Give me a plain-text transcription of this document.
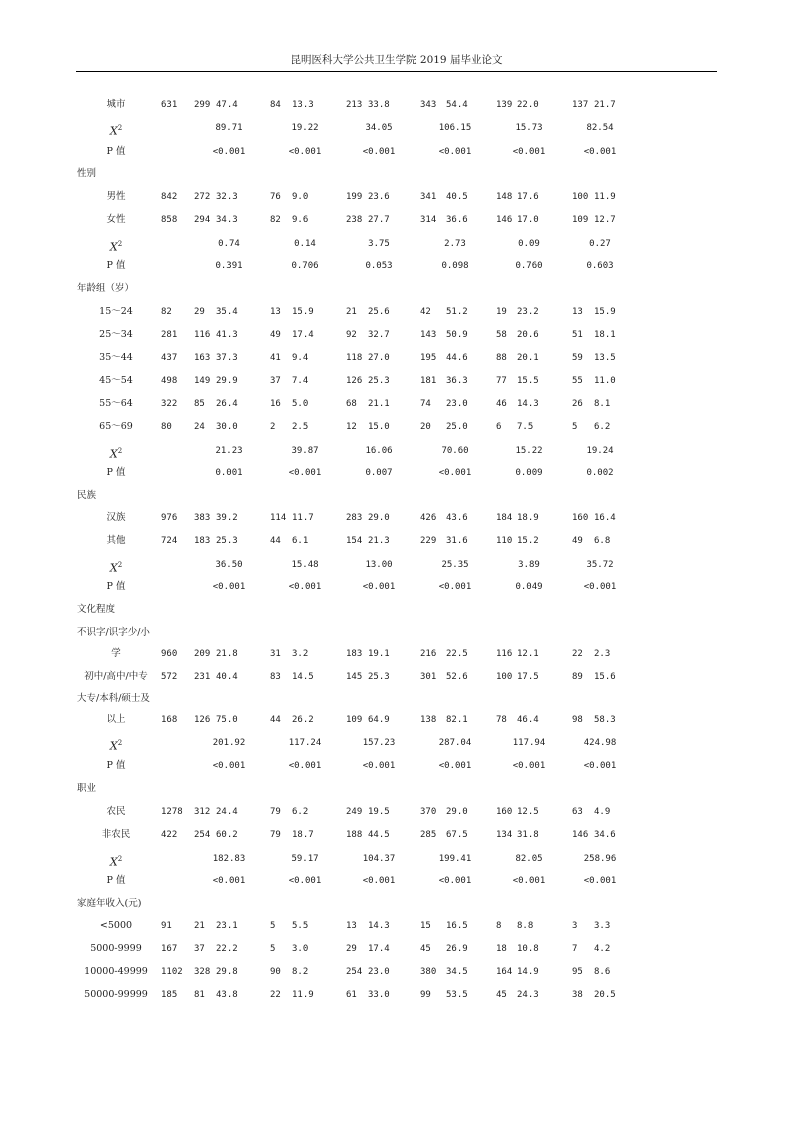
昆明医科大学公共卫生学院 2019 届毕业论文
城市	631 299 47.4	84 13.3	213 33.8	343 54.4	139 22.0	137 21.7
$X^2$	89.71	19.22	34.05	106.15	15.73	82.54
P 值	<0.001	<0.001	<0.001	<0.001	<0.001	<0.001
性别
男性	842 272 32.3	76 9.0	199 23.6	341 40.5	148 17.6	100 11.9
女性	858 294 34.3	82 9.6	238 27.7	314 36.6	146 17.0	109 12.7
$X^2$	0.74	0.14	3.75	2.73	0.09	0.27
P 值	0.391	0.706	0.053	0.098	0.760	0.603
年龄组（岁）
15～24	82 29 35.4	13 15.9	21 25.6	42 51.2	19 23.2	13 15.9
25～34	281 116 41.3	49 17.4	92 32.7	143 50.9	58 20.6	51 18.1
35～44	437 163 37.3	41 9.4	118 27.0	195 44.6	88 20.1	59 13.5
45～54	498 149 29.9	37 7.4	126 25.3	181 36.3	77 15.5	55 11.0
55～64	322 85 26.4	16 5.0	68 21.1	74 23.0	46 14.3	26 8.1
65～69	80 24 30.0	2 2.5	12 15.0	20 25.0	6 7.5	5 6.2
$X^2$	21.23	39.87	16.06	70.60	15.22	19.24
P 值	0.001	<0.001	0.007	<0.001	0.009	0.002
民族
汉族	976 383 39.2	114 11.7	283 29.0	426 43.6	184 18.9	160 16.4
其他	724 183 25.3	44 6.1	154 21.3	229 31.6	110 15.2	49 6.8
$X^2$	36.50	15.48	13.00	25.35	3.89	35.72
P 值	<0.001	<0.001	<0.001	<0.001	0.049	<0.001
文化程度
不识字/识字少/小
学	960 209 21.8	31 3.2	183 19.1	216 22.5	116 12.1	22 2.3
初中/高中/中专	572 231 40.4	83 14.5	145 25.3	301 52.6	100 17.5	89 15.6
大专/本科/硕士及
以上	168 126 75.0	44 26.2	109 64.9	138 82.1	78 46.4	98 58.3
$X^2$	201.92	117.24	157.23	287.04	117.94	424.98
P 值	<0.001	<0.001	<0.001	<0.001	<0.001	<0.001
职业
农民	1278 312 24.4	79 6.2	249 19.5	370 29.0	160 12.5	63 4.9
非农民	422 254 60.2	79 18.7	188 44.5	285 67.5	134 31.8	146 34.6
$X^2$	182.83	59.17	104.37	199.41	82.05	258.96
P 值	<0.001	<0.001	<0.001	<0.001	<0.001	<0.001
家庭年收入(元)
<5000	91 21 23.1	5 5.5	13 14.3	15 16.5	8 8.8	3 3.3
5000-9999	167 37 22.2	5 3.0	29 17.4	45 26.9	18 10.8	7 4.2
10000-49999	1102 328 29.8	90 8.2	254 23.0	380 34.5	164 14.9	95 8.6
50000-99999	185 81 43.8	22 11.9	61 33.0	99 53.5	45 24.3	38 20.5
